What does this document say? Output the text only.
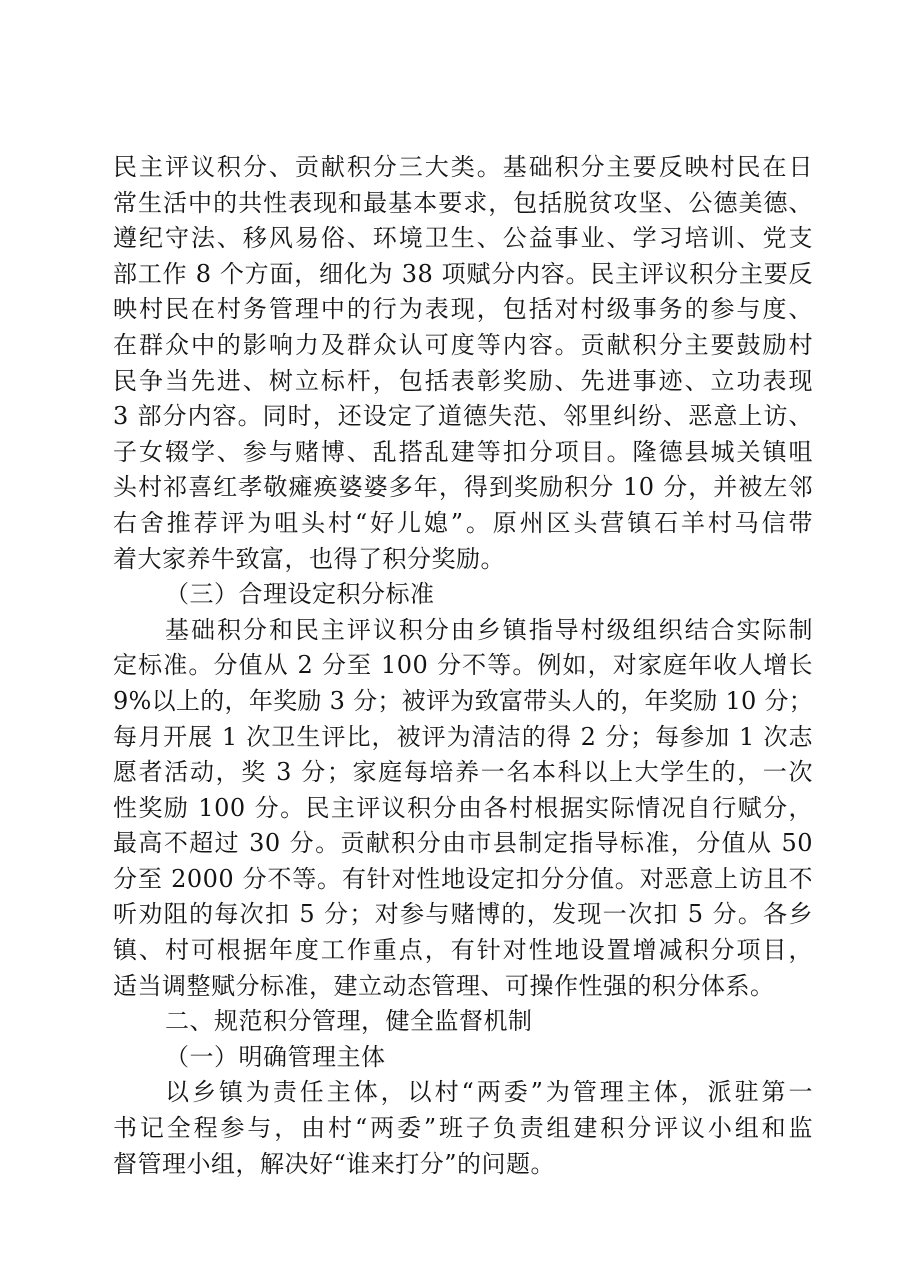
民主评议积分、贡献积分三大类。基础积分主要反映村民在日
常生活中的共性表现和最基本要求，包括脱贫攻坚、公德美德、
遵纪守法、移风易俗、环境卫生、公益事业、学习培训、党支
部工作 8 个方面，细化为 38 项赋分内容。民主评议积分主要反
映村民在村务管理中的行为表现，包括对村级事务的参与度、
在群众中的影响力及群众认可度等内容。贡献积分主要鼓励村
民争当先进、树立标杆，包括表彰奖励、先进事迹、立功表现
3 部分内容。同时，还设定了道德失范、邻里纠纷、恶意上访、
子女辍学、参与赌博、乱搭乱建等扣分项目。隆德县城关镇咀
头村祁喜红孝敬瘫痪婆婆多年，得到奖励积分 10 分，并被左邻
右舍推荐评为咀头村“好儿媳”。原州区头营镇石羊村马信带
着大家养牛致富，也得了积分奖励。
（三）合理设定积分标准
基础积分和民主评议积分由乡镇指导村级组织结合实际制
定标准。分值从 2 分至 100 分不等。例如，对家庭年收人增长
9%以上的，年奖励 3 分；被评为致富带头人的，年奖励 10 分；
每月开展 1 次卫生评比，被评为清洁的得 2 分；每参加 1 次志
愿者活动，奖 3 分；家庭每培养一名本科以上大学生的，一次
性奖励 100 分。民主评议积分由各村根据实际情况自行赋分，
最高不超过 30 分。贡献积分由市县制定指导标准，分值从 50
分至 2000 分不等。有针对性地设定扣分分值。对恶意上访且不
听劝阻的每次扣 5 分；对参与赌博的，发现一次扣 5 分。各乡
镇、村可根据年度工作重点，有针对性地设置增减积分项目，
适当调整赋分标准，建立动态管理、可操作性强的积分体系。
二、规范积分管理，健全监督机制
（一）明确管理主体
以乡镇为责任主体，以村“两委”为管理主体，派驻第一
书记全程参与，由村“两委”班子负责组建积分评议小组和监
督管理小组，解决好“谁来打分”的问题。
